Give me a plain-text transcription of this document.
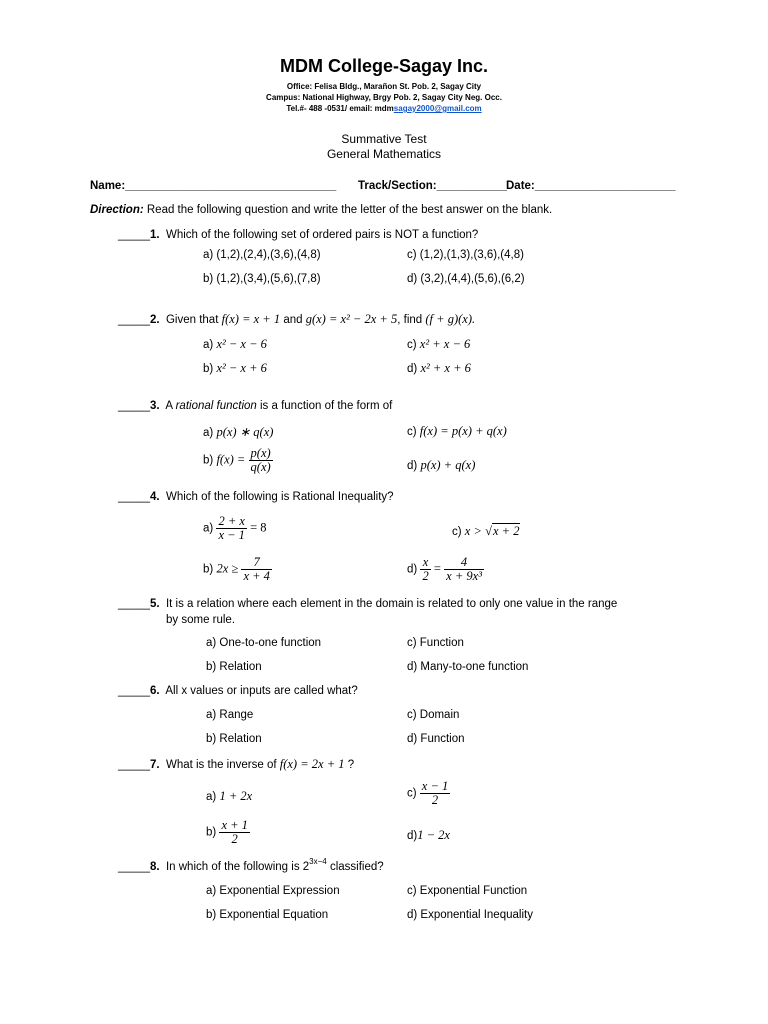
MDM College-Sagay Inc.
Office: Felisa Bldg., Marañon St. Pob. 2, Sagay City
Campus: National Highway, Brgy Pob. 2, Sagay City Neg. Occ.
Tel.#- 488 -0531/ email: mdmsagay2000@gmail.com
Summative Test
General Mathematics
Name:_________________________________ Track/Section:___________ Date:______________________
Direction: Read the following question and write the letter of the best answer on the blank.
_____1. Which of the following set of ordered pairs is NOT a function?
a) (1,2),(2,4),(3,6),(4,8)	c) (1,2),(1,3),(3,6),(4,8)
b) (1,2),(3,4),(5,6),(7,8)	d) (3,2),(4,4),(5,6),(6,2)
_____2. Given that f(x) = x + 1 and g(x) = x² − 2x + 5, find (f + g)(x).
a) x² − x − 6	c) x² + x − 6
b) x² − x + 6	d) x² + x + 6
_____3. A rational function is a function of the form of
a) p(x) ∗ q(x)	c) f(x) = p(x) + q(x)
b) $f(x) = \frac{p(x)}{q(x)}$	d) p(x) + q(x)
_____4. Which of the following is Rational Inequality?
$a) \frac{2 + x}{x - 1} = 8$	c) x > √x + 2
b) $2x \ge \frac{7}{x + 4}$	$d) \frac{x}{2} = \frac{4}{\text{x + 9x³}}$
_____5. It is a relation where each element in the domain is related to only one value in the range
by some rule.
a) One-to-one function	c) Function
b) Relation	d) Many-to-one function
_____6. All x values or inputs are called what?
a) Range	c) Domain
b) Relation	d) Function
_____7. What is the inverse of f(x) = 2x + 1 ?
a) 1 + 2x	$c) \frac{x - 1}{2}$
$b) \frac{x + 1}{2}$	d)1 − 2x
_____8. In which of the following is $2^{3x-4}$ classified?
a) Exponential Expression	c) Exponential Function
b) Exponential Equation	d) Exponential Inequality
